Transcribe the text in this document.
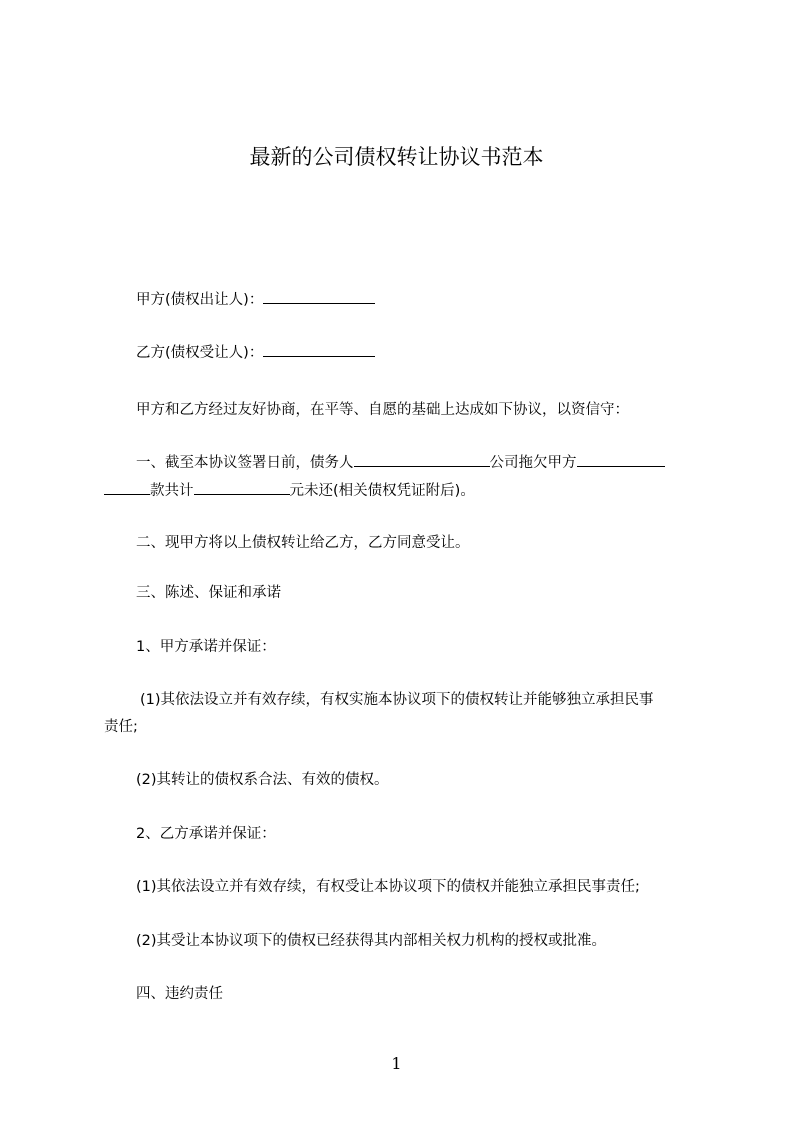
最新的公司债权转让协议书范本
甲方(债权出让人)：
乙方(债权受让人)：
甲方和乙方经过友好协商，在平等、自愿的基础上达成如下协议，以资信守：
一、截至本协议签署日前，债务人	公司拖欠甲方
款共计	元未还(相关债权凭证附后)。
二、现甲方将以上债权转让给乙方，乙方同意受让。
三、陈述、保证和承诺
1、甲方承诺并保证：
(1)其依法设立并有效存续，有权实施本协议项下的债权转让并能够独立承担民事
责任;
(2)其转让的债权系合法、有效的债权。
2、乙方承诺并保证：
(1)其依法设立并有效存续，有权受让本协议项下的债权并能独立承担民事责任;
(2)其受让本协议项下的债权已经获得其内部相关权力机构的授权或批准。
四、违约责任
1
